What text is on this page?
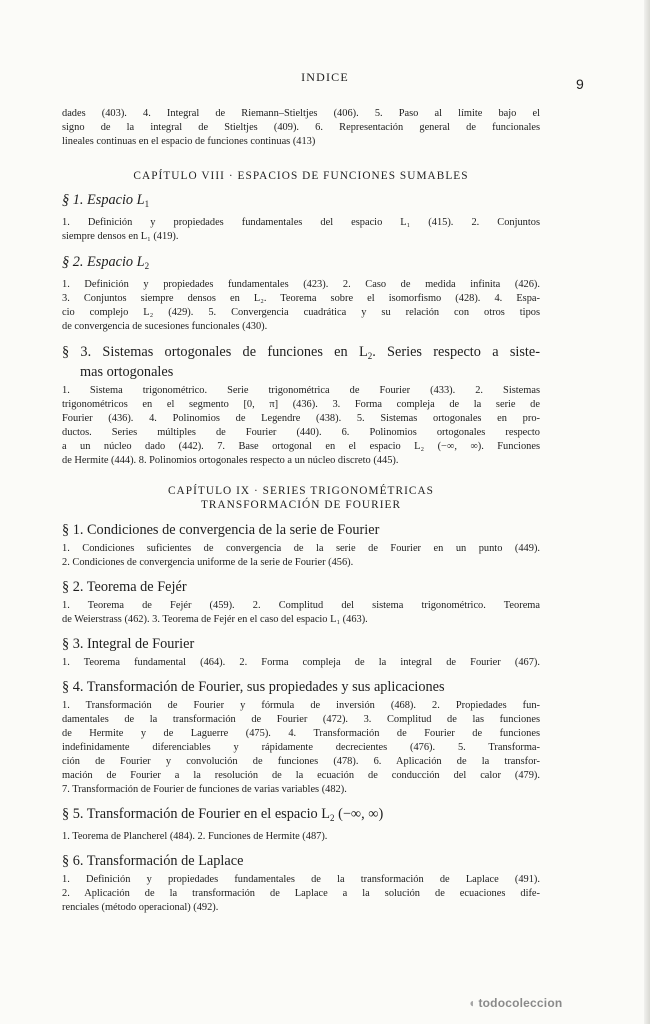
INDICE	9
dades (403). 4. Integral de Riemann–Stieltjes (406). 5. Paso al límite bajo el
signo de la integral de Stieltjes (409). 6. Representación general de funcionales
lineales continuas en el espacio de funciones continuas (413)
CAPÍTULO VIII · ESPACIOS DE FUNCIONES SUMABLES
§ 1. Espacio $L_1$
1. Definición y propiedades fundamentales del espacio L₁ (415). 2. Conjuntos
siempre densos en L₁ (419).
§ 2. Espacio $L_2$
1. Definición y propiedades fundamentales (423). 2. Caso de medida infinita (426).
3. Conjuntos siempre densos en L₂. Teorema sobre el isomorfismo (428). 4. Espa-
cio complejo L₂ (429). 5. Convergencia cuadrática y su relación con otros tipos
de convergencia de sucesiones funcionales (430).
§ 3. Sistemas ortogonales de funciones en $L_2$. Series respecto a siste-
mas ortogonales
1. Sistema trigonométrico. Serie trigonométrica de Fourier (433). 2. Sistemas
trigonométricos en el segmento [0, π] (436). 3. Forma compleja de la serie de
Fourier (436). 4. Polinomios de Legendre (438). 5. Sistemas ortogonales en pro-
ductos. Series múltiples de Fourier (440). 6. Polinomios ortogonales respecto
a un núcleo dado (442). 7. Base ortogonal en el espacio L₂ (−∞, ∞). Funciones
de Hermite (444). 8. Polinomios ortogonales respecto a un núcleo discreto (445).
CAPÍTULO IX · SERIES TRIGONOMÉTRICAS
TRANSFORMACIÓN DE FOURIER
§ 1. Condiciones de convergencia de la serie de Fourier
1. Condiciones suficientes de convergencia de la serie de Fourier en un punto (449).
2. Condiciones de convergencia uniforme de la serie de Fourier (456).
§ 2. Teorema de Fejér
1. Teorema de Fejér (459). 2. Complitud del sistema trigonométrico. Teorema
de Weierstrass (462). 3. Teorema de Fejér en el caso del espacio L₁ (463).
§ 3. Integral de Fourier
1. Teorema fundamental (464). 2. Forma compleja de la integral de Fourier (467).
§ 4. Transformación de Fourier, sus propiedades y sus aplicaciones
1. Transformación de Fourier y fórmula de inversión (468). 2. Propiedades fun-
damentales de la transformación de Fourier (472). 3. Complitud de las funciones
de Hermite y de Laguerre (475). 4. Transformación de Fourier de funciones
indefinidamente diferenciables y rápidamente decrecientes (476). 5. Transforma-
ción de Fourier y convolución de funciones (478). 6. Aplicación de la transfor-
mación de Fourier a la resolución de la ecuación de conducción del calor (479).
7. Transformación de Fourier de funciones de varias variables (482).
§ 5. Transformación de Fourier en el espacio $L_2$ (−∞, ∞)
1. Teorema de Plancherel (484). 2. Funciones de Hermite (487).
§ 6. Transformación de Laplace
1. Definición y propiedades fundamentales de la transformación de Laplace (491).
2. Aplicación de la transformación de Laplace a la solución de ecuaciones dife-
renciales (método operacional) (492).
◖ todocoleccion
